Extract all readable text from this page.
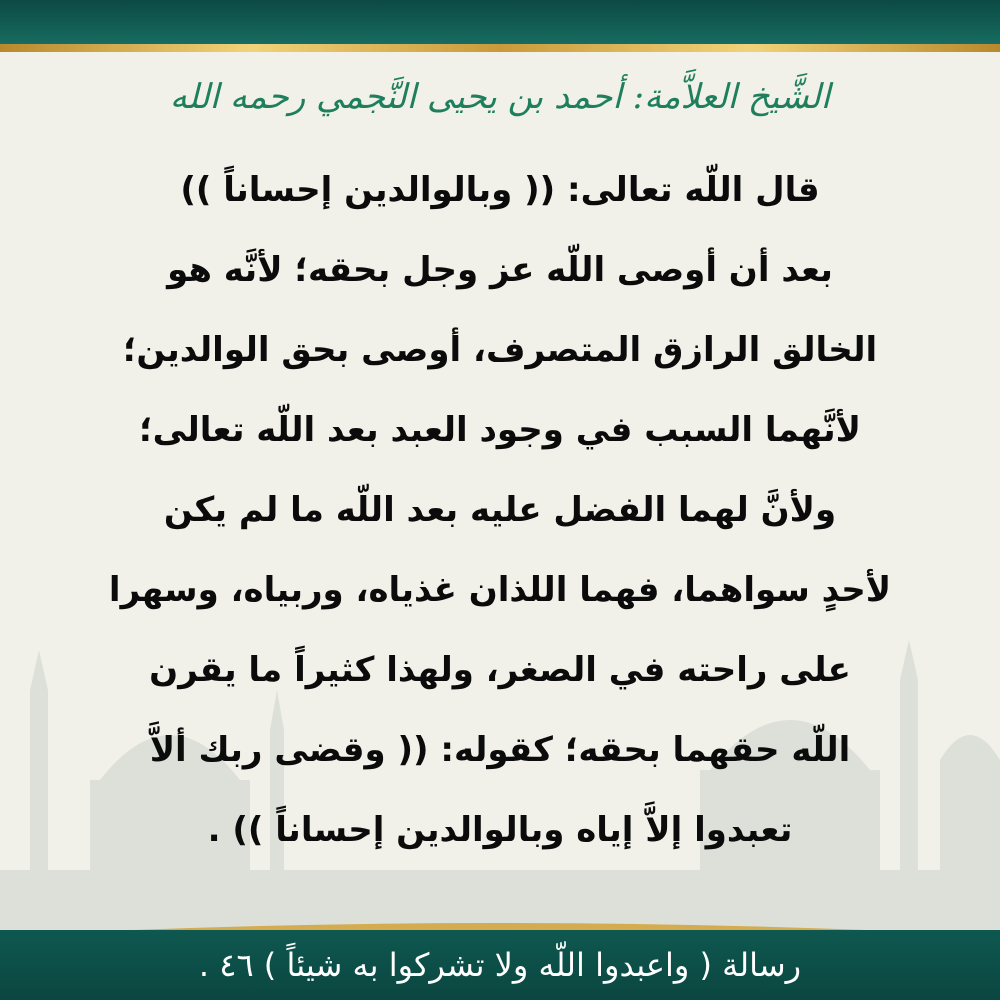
الشَّيخ العلاَّمة: أحمد بن يحيى النَّجمي رحمه الله
قال اللّه تعالى: (( وبالوالدين إحساناً ))
بعد أن أوصى اللّه عز وجل بحقه؛ لأنَّه هو
الخالق الرازق المتصرف، أوصى بحق الوالدين؛
لأنَّهما السبب في وجود العبد بعد اللّه تعالى؛
ولأنَّ لهما الفضل عليه بعد اللّه ما لم يكن
لأحدٍ سواهما، فهما اللذان غذياه، وربياه، وسهرا
على راحته في الصغر، ولهذا كثيراً ما يقرن
اللّه حقهما بحقه؛ كقوله: (( وقضى ربك ألاَّ
تعبدوا إلاَّ إياه وبالوالدين إحساناً )) .
رسالة ( واعبدوا اللّه ولا تشركوا به شيئاً ) ٤٦ .
